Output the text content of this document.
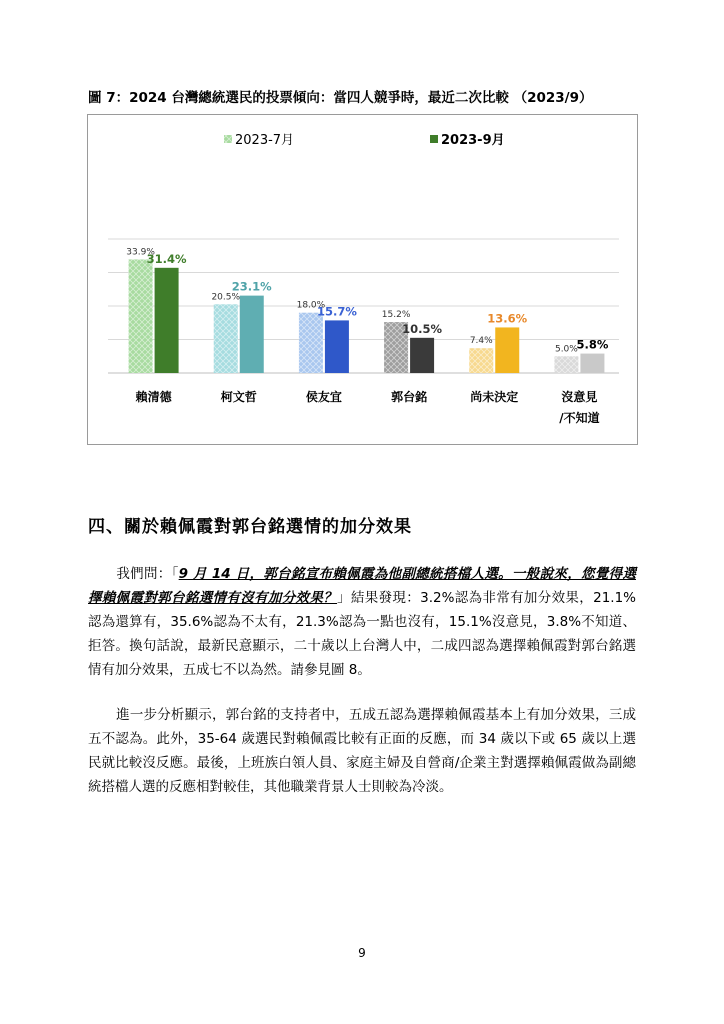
圖 7：2024 台灣總統選民的投票傾向：當四人競爭時，最近二次比較 （2023/9）
2023-7月	2023-9月
33.9%
31.4%
賴清德
20.5%
23.1%
柯文哲
18.0%
15.7%
侯友宜
15.2%
10.5%
郭台銘
7.4%
13.6%
尚未決定
5.0%
5.8%
沒意見
/不知道
四、關於賴佩霞對郭台銘選情的加分效果

我們問：「9 月 14 日，郭台銘宣布賴佩霞為他副總統搭檔人選。一般說來，您覺得選擇賴佩霞對郭台銘選情有沒有加分效果？」結果發現：3.2%認為非常有加分效果，21.1%認為還算有，35.6%認為不太有，21.3%認為一點也沒有，15.1%沒意見，3.8%不知道、拒答。換句話說，最新民意顯示，二十歲以上台灣人中，二成四認為選擇賴佩霞對郭台銘選情有加分效果，五成七不以為然。請參見圖 8。

進一步分析顯示，郭台銘的支持者中，五成五認為選擇賴佩霞基本上有加分效果，三成五不認為。此外，35-64 歲選民對賴佩霞比較有正面的反應，而 34 歲以下或 65 歲以上選民就比較沒反應。最後，上班族白領人員、家庭主婦及自營商/企業主對選擇賴佩霞做為副總統搭檔人選的反應相對較佳，其他職業背景人士則較為冷淡。

9
